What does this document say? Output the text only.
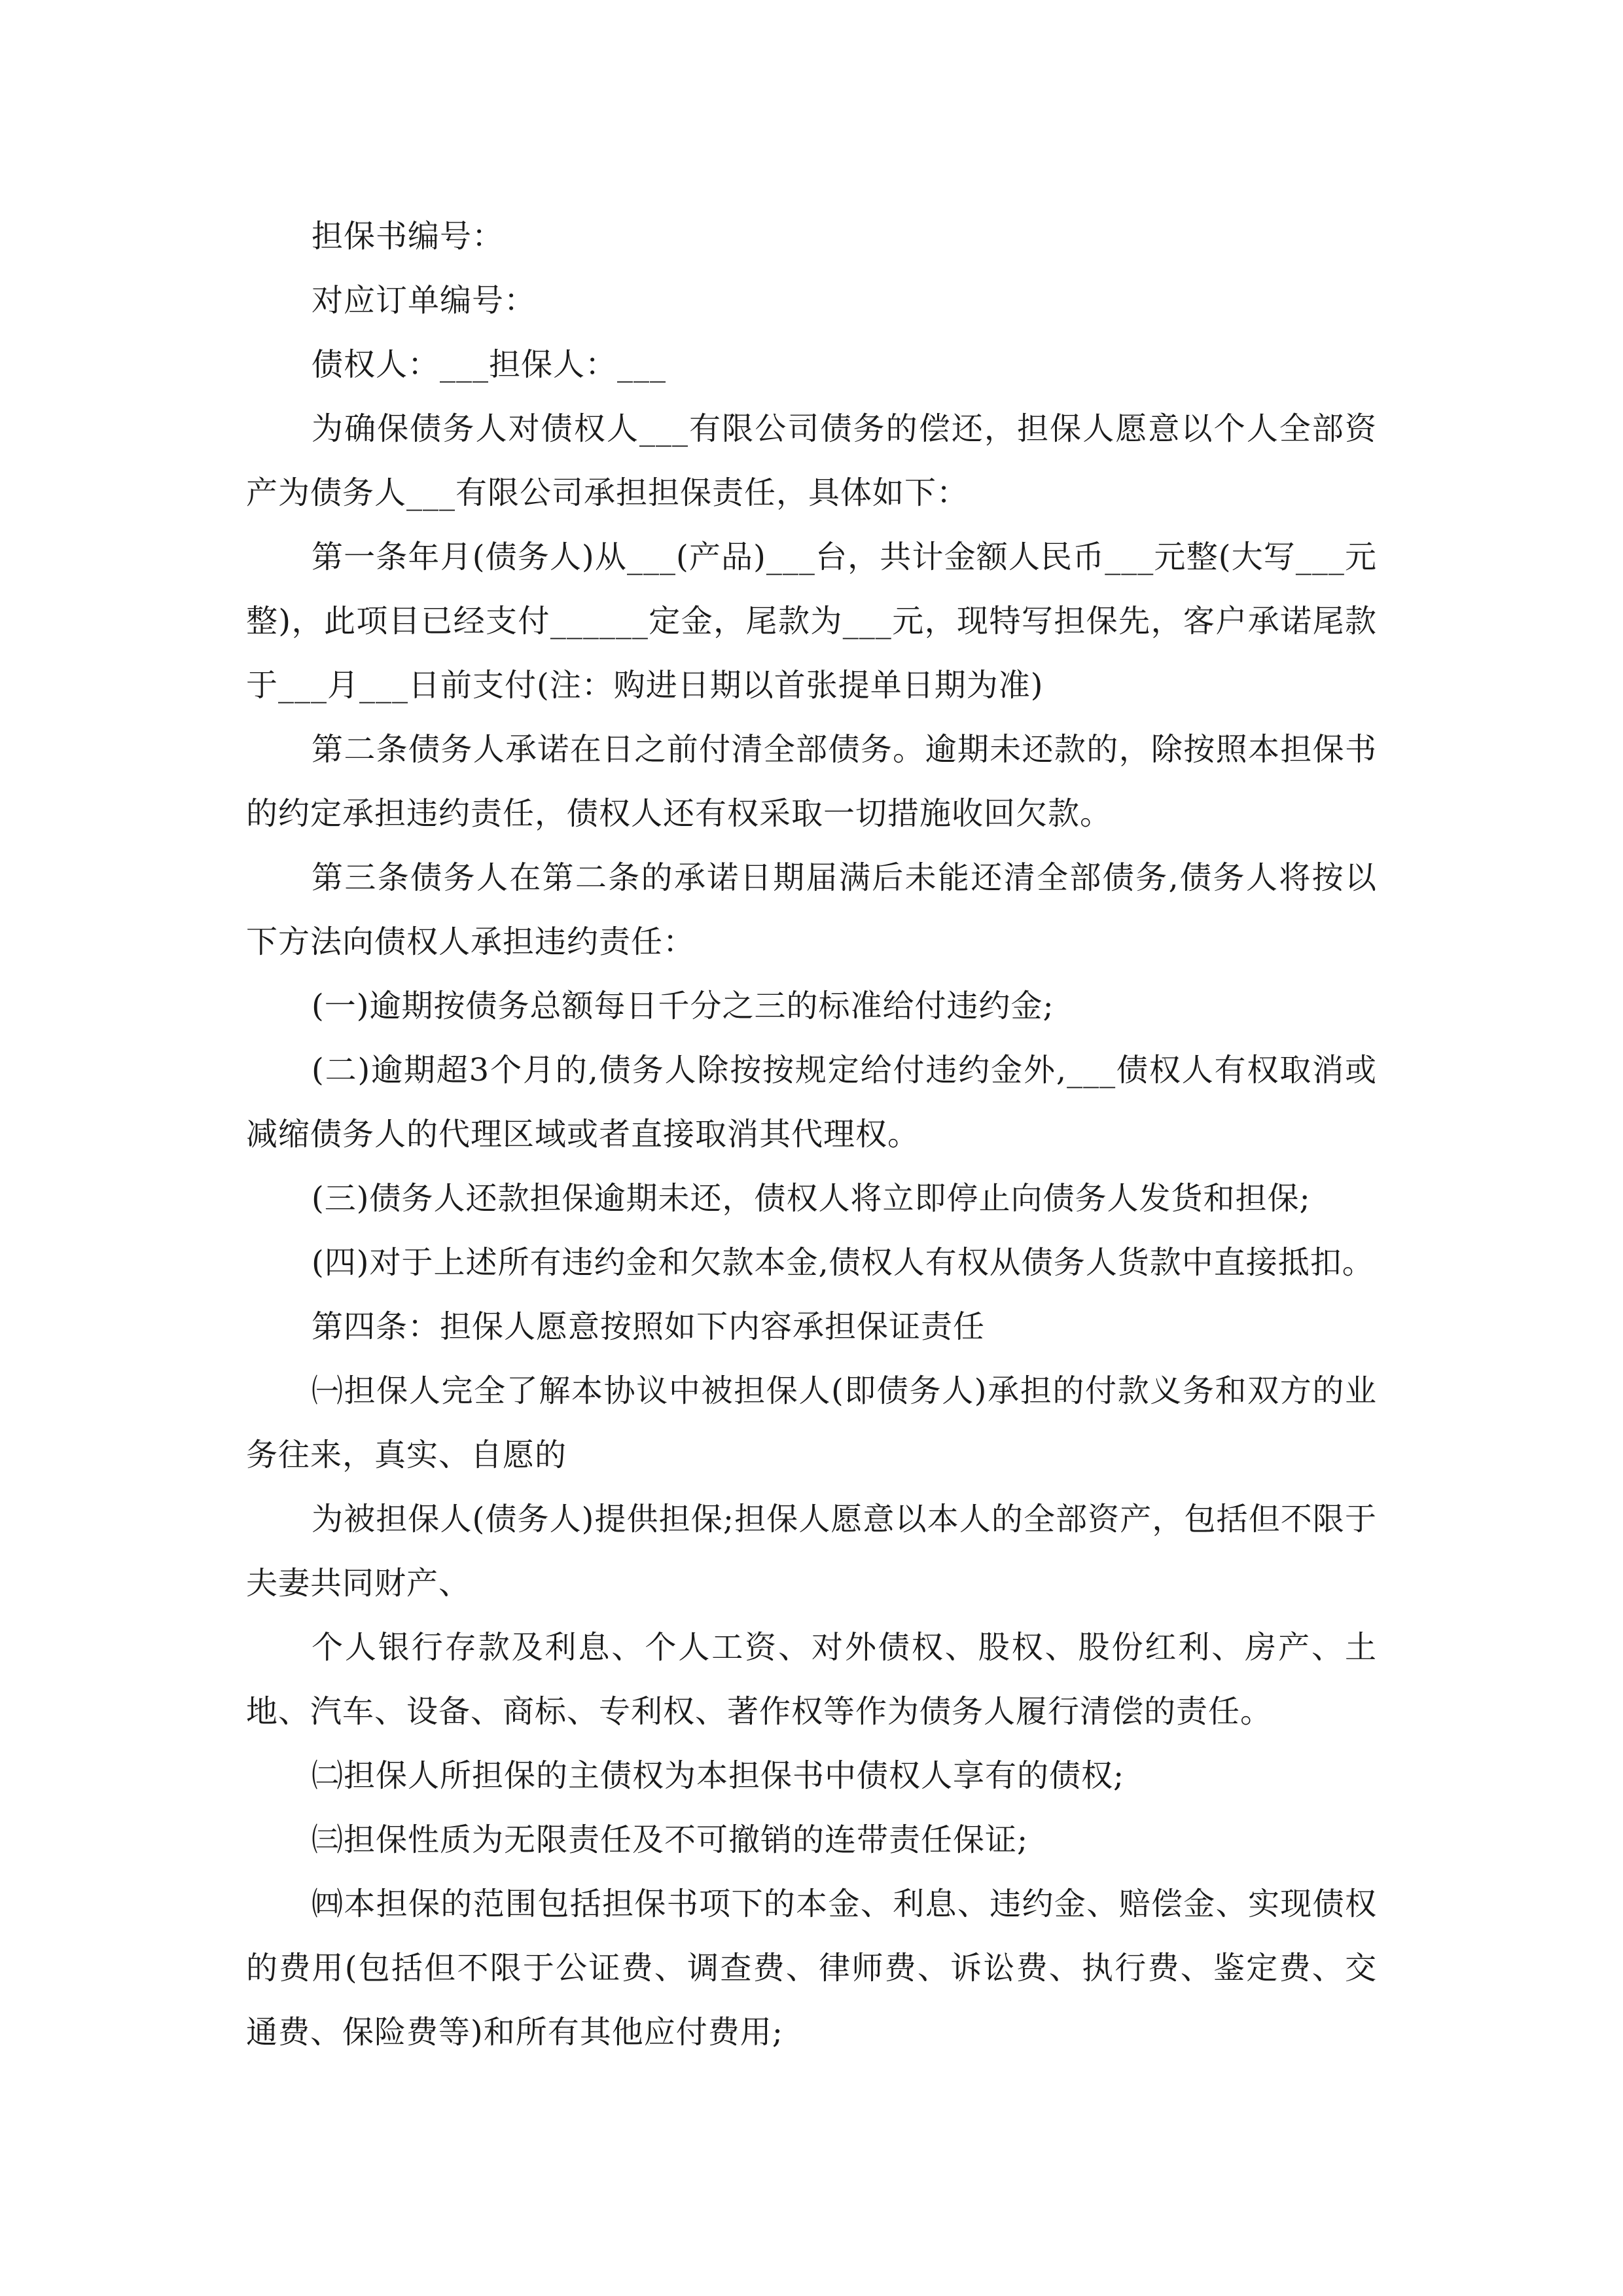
担保书编号：

对应订单编号：

债权人：___担保人：___

为确保债务人对债权人___有限公司债务的偿还，担保人愿意以个人全部资产为债务人___有限公司承担担保责任，具体如下：

第一条年月(债务人)从___(产品)___台，共计金额人民币___元整(大写___元整)，此项目已经支付______定金，尾款为___元，现特写担保先，客户承诺尾款于___月___日前支付(注：购进日期以首张提单日期为准)

第二条债务人承诺在日之前付清全部债务。逾期未还款的，除按照本担保书的约定承担违约责任，债权人还有权采取一切措施收回欠款。

第三条债务人在第二条的承诺日期届满后未能还清全部债务,债务人将按以下方法向债权人承担违约责任：

(一)逾期按债务总额每日千分之三的标准给付违约金;

(二)逾期超3个月的,债务人除按按规定给付违约金外,___债权人有权取消或减缩债务人的代理区域或者直接取消其代理权。

(三)债务人还款担保逾期未还，债权人将立即停止向债务人发货和担保;

(四)对于上述所有违约金和欠款本金,债权人有权从债务人货款中直接抵扣。

第四条：担保人愿意按照如下内容承担保证责任

㈠担保人完全了解本协议中被担保人(即债务人)承担的付款义务和双方的业务往来，真实、自愿的

为被担保人(债务人)提供担保;担保人愿意以本人的全部资产，包括但不限于夫妻共同财产、

个人银行存款及利息、个人工资、对外债权、股权、股份红利、房产、土地、汽车、设备、商标、专利权、著作权等作为债务人履行清偿的责任。

㈡担保人所担保的主债权为本担保书中债权人享有的债权;

㈢担保性质为无限责任及不可撤销的连带责任保证;

㈣本担保的范围包括担保书项下的本金、利息、违约金、赔偿金、实现债权的费用(包括但不限于公证费、调查费、律师费、诉讼费、执行费、鉴定费、交通费、保险费等)和所有其他应付费用;
